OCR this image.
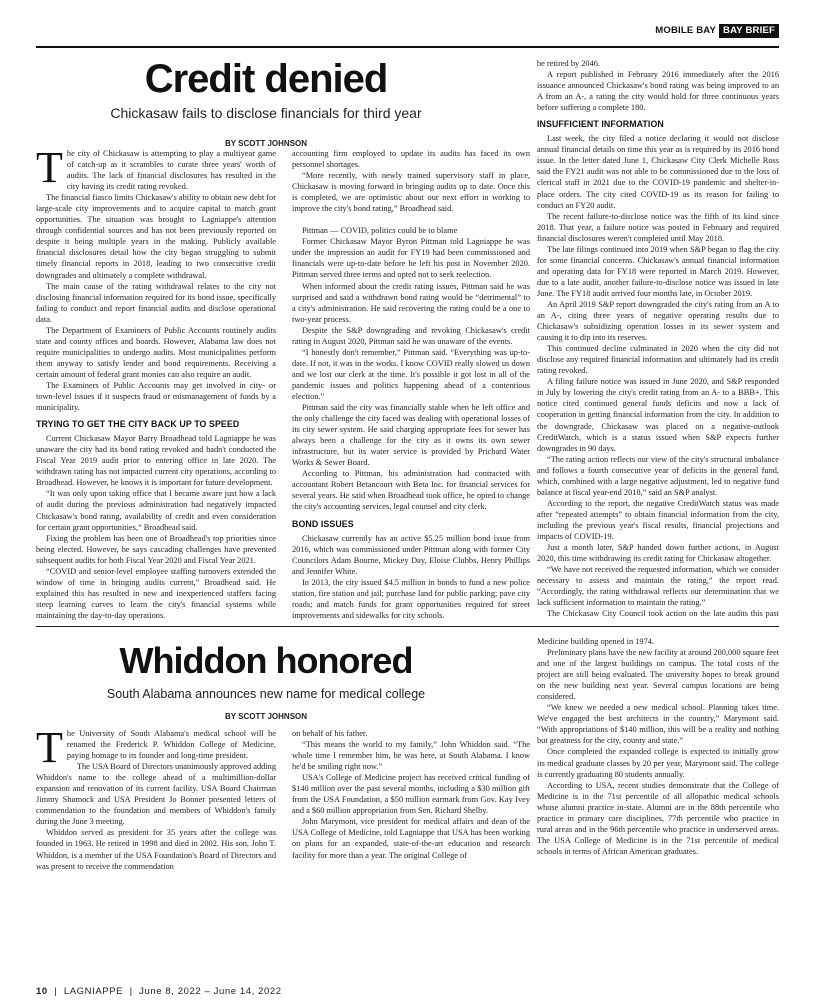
MOBILE BAY BAY BRIEF
Credit denied
Chickasaw fails to disclose financials for third year
BY SCOTT JOHNSON

The city of Chickasaw is attempting to play a multiyear game of catch-up as it scrambles to curate three years' worth of audits. The lack of financial disclosures has resulted in the city having its credit rating revoked.

The financial fiasco limits Chickasaw's ability to obtain new debt for large-scale city improvements and to acquire capital to match grant opportunities. The situation was brought to Lagniappe's attention through confidential sources and has not been previously reported on despite it being multiple years in the making. Publicly available financial disclosures detail how the city began struggling to submit timely financial reports in 2018, leading to two consecutive credit downgrades and ultimately a complete withdrawal.

The main cause of the rating withdrawal relates to the city not disclosing financial information required for its bond issue, specifically failing to conduct and report financial audits and disclose operational data.

The Department of Examiners of Public Accounts routinely audits state and county offices and boards. However, Alabama law does not require municipalities to undergo audits. Most municipalities perform them anyway to satisfy lender and bond requirements. Receiving a certain amount of federal grant monies can also require an audit.

The Examiners of Public Accounts may get involved in city- or town-level issues if it suspects fraud or mismanagement of funds by a municipality.

TRYING TO GET THE CITY BACK UP TO SPEED

Current Chickasaw Mayor Barry Broadhead told Lagniappe he was unaware the city had its bond rating revoked and hadn't conducted the Fiscal Year 2019 audit prior to entering office in late 2020. The withdrawn rating has not impacted current city operations, according to Broadhead. However, he knows it is important for future development.

“It was only upon taking office that I became aware just how a lack of audit during the previous administration had negatively impacted Chickasaw's bond rating, availability of credit and even consideration for certain grant opportunities,” Broadhead said.

Fixing the problem has been one of Broadhead's top priorities since being elected. However, he says cascading challenges have prevented subsequent audits for both Fiscal Year 2020 and Fiscal Year 2021.

“COVID and senior-level employee staffing turnovers extended the window of time in bringing audits current,” Broadhead said. He explained this has resulted in new and inexperienced staffers facing steep learning curves to learn the city's financial systems while maintaining the day-to-day operations.

accounting firm employed to update its audits has faced its own personnel shortages.

“More recently, with newly trained supervisory staff in place, Chickasaw is moving forward in bringing audits up to date. Once this is completed, we are optimistic about our next effort in working to improve the city's bond rating,” Broadhead said.

Pittman — COVID, politics could be to blame

Former Chickasaw Mayor Byron Pittman told Lagniappe he was under the impression an audit for FY19 had been commissioned and financials were up-to-date before he left his post in November 2020. Pittman served three terms and opted not to seek reelection.

When informed about the credit rating issues, Pittman said he was surprised and said a withdrawn bond rating would be “detrimental” to a city's administration. He said recovering the rating could be a one to two-year process.

Despite the S&P downgrading and revoking Chickasaw's credit rating in August 2020, Pittman said he was unaware of the events.

“I honestly don't remember,” Pittman said. “Everything was up-to-date. If not, it was in the works. I know COVID really slowed us down and we lost our clerk at the time. It's possible it got lost in all of the pandemic issues and politics happening ahead of a contentious election.”

Pittman said the city was financially stable when he left office and the only challenge the city faced was dealing with operational losses of its city sewer system. He said charging appropriate fees for sewer has always been a challenge for the city as it owns its own sewer infrastructure, but its water service is provided by Prichard Water Works & Sewer Board.

According to Pittman, his administration had contracted with accountant Robert Betancourt with Beta Inc. for financial services for several years. He said when Broadhead took office, he opted to change the city's accounting services, legal counsel and city clerk.

BOND ISSUES

Chickasaw currently has an active $5.25 million bond issue from 2016, which was commissioned under Pittman along with former City Councilors Adam Bourne, Mickey Day, Eloise Clubbs, Henry Phillips and Jennifer White.

In 2013, the city issued $4.5 million in bonds to fund a new police station, fire station and jail; purchase land for public parking; pave city roads; and match funds for grant opportunities required for street improvements and sidewalks for city schools.

be retired by 2046.

A report published in February 2016 immediately after the 2016 issuance announced Chickasaw's bond rating was being improved to an A from an A-, a rating the city would hold for three continuous years before suffering a complete 180.

INSUFFICIENT INFORMATION

Last week, the city filed a notice declaring it would not disclose annual financial details on time this year as is required by its 2016 bond issue. In the letter dated June 1, Chickasaw City Clerk Michelle Ross said the FY21 audit was not able to be commissioned due to the loss of clerical staff in 2021 due to the COVID-19 pandemic and shelter-in-place orders. The city cited COVID-19 as its reason for failing to conduct an FY20 audit.

The recent failure-to-disclose notice was the fifth of its kind since 2018. That year, a failure notice was posted in February and required financial disclosures weren't completed until May 2018.

The late filings continued into 2019 when S&P began to flag the city for some financial concerns. Chickasaw's annual financial information and operating data for FY18 were reported in March 2019. However, due to a late audit, another failure-to-disclose notice was issued in late June. The FY18 audit arrived four months late, in October 2019.

An April 2019 S&P report downgraded the city's rating from an A to an A-, citing three years of negative operating results due to Chickasaw's subsidizing operation losses in its sewer system and causing it to dip into its reserves.

This continued decline culminated in 2020 when the city did not disclose any required financial information and ultimately had its credit rating revoked.

A filing failure notice was issued in June 2020, and S&P responded in July by lowering the city's credit rating from an A- to a BBB+. This notice cited continued general funds deficits and now a lack of cooperation in getting financial information from the city. In addition to the downgrade, Chickasaw was placed on a negative-outlook CreditWatch, which is a status issued when S&P expects further downgrades in 90 days.

“The rating action reflects our view of the city's structural imbalance and follows a fourth consecutive year of deficits in the general fund, which, combined with a large negative adjustment, led to negative fund balance at fiscal year-end 2018,” said an S&P analyst.

According to the report, the negative CreditWatch status was made after “repeated attempts” to obtain financial information from the city, including the previous year's fiscal results, financial projections and impacts of COVID-19.

Just a month later, S&P handed down further actions, in August 2020, this time withdrawing its credit rating for Chickasaw altogether.

“We have not received the requested information, which we consider necessary to assess and maintain the rating,” the report read. “Accordingly, the rating withdrawal reflects our determination that we lack sufficient information to maintain the rating.”

The Chickasaw City Council took action on the late audits this past

Whiddon honored
South Alabama announces new name for medical college
BY SCOTT JOHNSON

The University of South Alabama's medical school will be renamed the Frederick P. Whiddon College of Medicine, paying homage to its founder and long-time president.

The USA Board of Directors unanimously approved adding Whiddon's name to the college ahead of a multimillion-dollar expansion and renovation of its current facility. USA Board Chairman Jimmy Shumock and USA President Jo Bonner presented letters of commendation to the foundation and members of Whiddon's family during the June 3 meeting.

Whiddon served as president for 35 years after the college was founded in 1963. He retired in 1998 and died in 2002. His son, John T. Whiddon, is a member of the USA Foundation's Board of Directors and was present to receive the commendation

on behalf of his father.

“This means the world to my family,” John Whiddon said. “The whole time I remember him, he was here, at South Alabama. I know he'd be smiling right now.”

USA's College of Medicine project has received critical funding of $140 million over the past several months, including a $30 million gift from the USA Foundation, a $50 million earmark from Gov. Kay Ivey and a $60 million appropriation from Sen. Richard Shelby.

John Marymont, vice president for medical affairs and dean of the USA College of Medicine, told Lagniappe that USA has been working on plans for an expanded, state-of-the-art education and research facility for more than a year. The original College of

Medicine building opened in 1974.

Preliminary plans have the new facility at around 200,000 square feet and one of the largest buildings on campus. The total costs of the project are still being evaluated. The university hopes to break ground on the new building next year. Several campus locations are being considered.

“We knew we needed a new medical school. Planning takes time. We've engaged the best architects in the country,” Marymont said. “With appropriations of $140 million, this will be a reality and nothing but greatness for the city, county and state.”

Once completed the expanded college is expected to initially grow its medical graduate classes by 20 per year, Marymont said. The college is currently graduating 80 students annually.

According to USA, recent studies demonstrate that the College of Medicine is in the 71st percentile of all allopathic medical schools whose alumni practice in-state. Alumni are in the 88th percentile who practice in primary care disciplines, 77th percentile who practice in rural areas and in the 96th percentile who practice in underserved areas. The USA College of Medicine is in the 71st percentile of medical schools in terms of African American graduates.

10  |  LAGNIAPPE  |  June 8, 2022 – June 14, 2022
